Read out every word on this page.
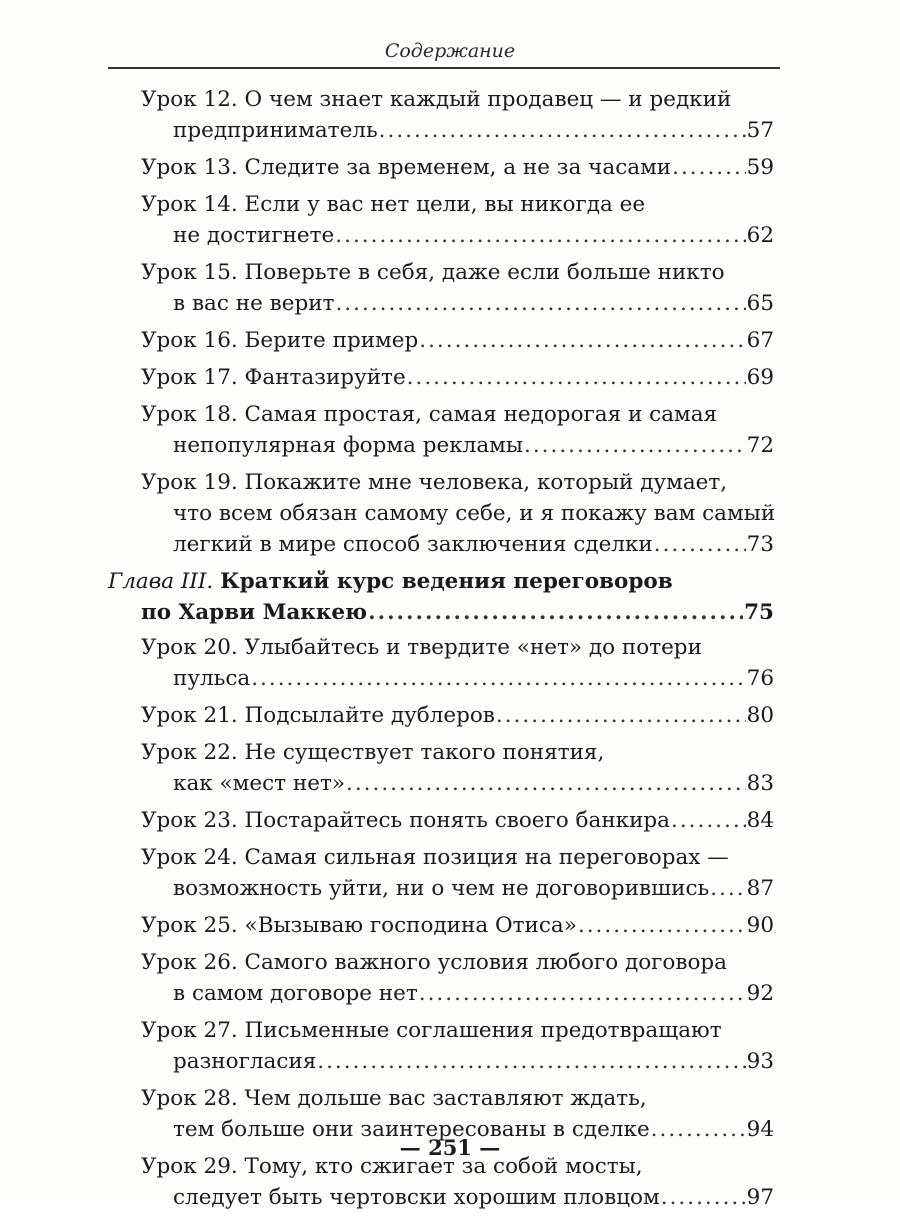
Содержание
Урок 12. О чем знает каждый продавец — и редкий
предприниматель .....	57
Урок 13. Следите за временем, а не за часами .....	59
Урок 14. Если у вас нет цели, вы никогда ее
не достигнете .....	62
Урок 15. Поверьте в себя, даже если больше никто
в вас не верит .....	65
Урок 16. Берите пример .....	67
Урок 17. Фантазируйте .....	69
Урок 18. Самая простая, самая недорогая и самая
непопулярная форма рекламы .....	72
Урок 19. Покажите мне человека, который думает,
что всем обязан самому себе, и я покажу вам самый
легкий в мире способ заключения сделки .....	73
Глава III. Краткий курс ведения переговоров
по Харви Маккею .....	75
Урок 20. Улыбайтесь и твердите «нет» до потери
пульса .....	76
Урок 21. Подсылайте дублеров .....	80
Урок 22. Не существует такого понятия,
как «мест нет» .....	83
Урок 23. Постарайтесь понять своего банкира .....	84
Урок 24. Самая сильная позиция на переговорах —
возможность уйти, ни о чем не договорившись ..... 87
Урок 25. «Вызываю господина Отиса» .....	90
Урок 26. Самого важного условия любого договора
в самом договоре нет .....	92
Урок 27. Письменные соглашения предотвращают
разногласия .....	93
Урок 28. Чем дольше вас заставляют ждать,
тем больше они заинтересованы в сделке .....	94
Урок 29. Тому, кто сжигает за собой мосты,
следует быть чертовски хорошим пловцом .....	97
— 251 —
